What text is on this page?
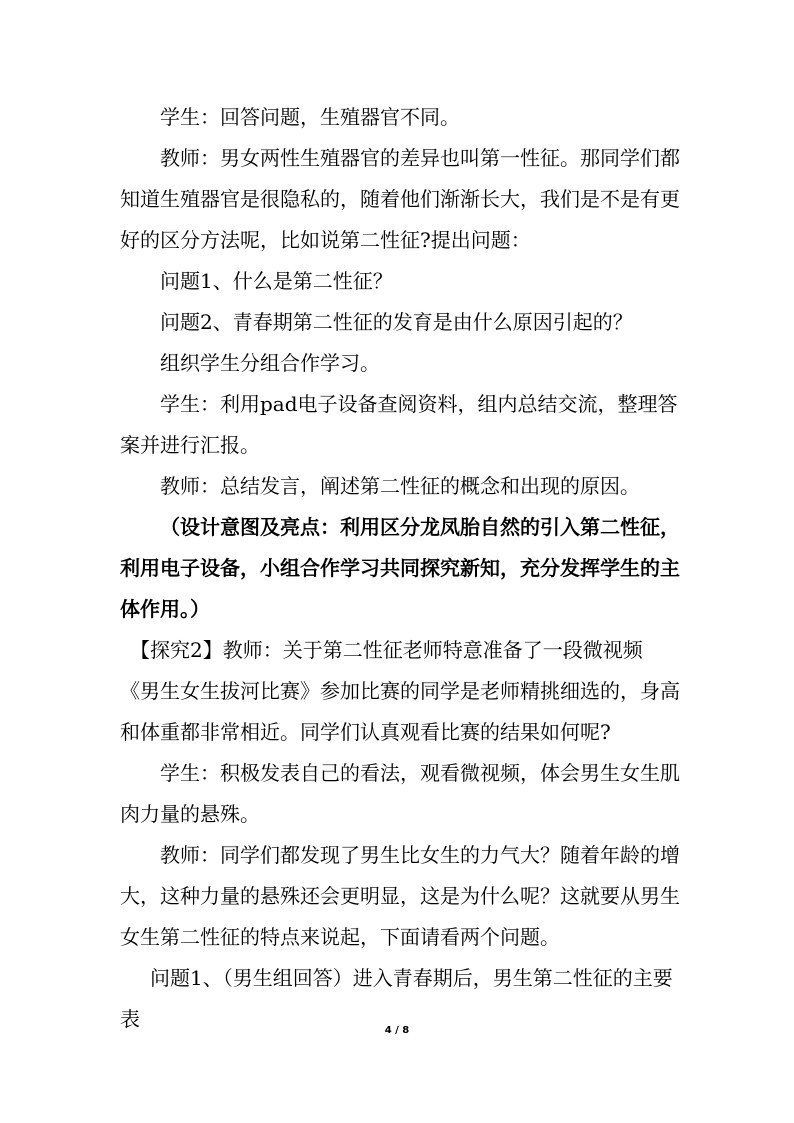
学生：回答问题，生殖器官不同。

教师：男女两性生殖器官的差异也叫第一性征。那同学们都知道生殖器官是很隐私的，随着他们渐渐长大，我们是不是有更好的区分方法呢，比如说第二性征?提出问题：

问题1、什么是第二性征？

问题2、青春期第二性征的发育是由什么原因引起的？

组织学生分组合作学习。

学生：利用pad电子设备查阅资料，组内总结交流，整理答案并进行汇报。

教师：总结发言，阐述第二性征的概念和出现的原因。

（设计意图及亮点：利用区分龙凤胎自然的引入第二性征，利用电子设备，小组合作学习共同探究新知，充分发挥学生的主体作用。）

【探究2】教师：关于第二性征老师特意准备了一段微视频《男生女生拔河比赛》参加比赛的同学是老师精挑细选的，身高和体重都非常相近。同学们认真观看比赛的结果如何呢?

学生：积极发表自己的看法，观看微视频，体会男生女生肌肉力量的悬殊。

教师：同学们都发现了男生比女生的力气大？随着年龄的增大，这种力量的悬殊还会更明显，这是为什么呢？这就要从男生女生第二性征的特点来说起，下面请看两个问题。

问题1、（男生组回答）进入青春期后，男生第二性征的主要表	4 / 8
